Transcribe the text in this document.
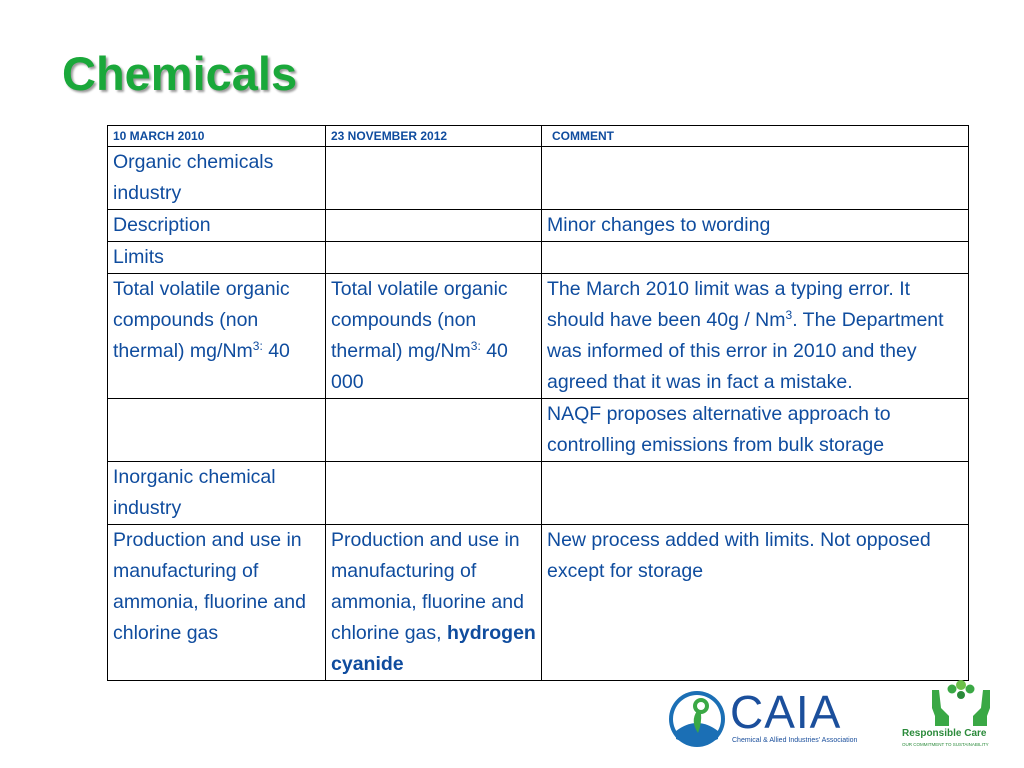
Chemicals
10 MARCH 2010	23 NOVEMBER 2012	COMMENT
Organic chemicals industry		
Description		Minor changes to wording
Limits		
Total volatile organic compounds (non thermal) $mg/Nm^{3:}$ 40	Total volatile organic compounds (non thermal) $mg/Nm^{3:}$ 40 000	The March 2010 limit was a typing error. It should have been 40g / Nm$^3$. The Department was informed of this error in 2010 and they agreed that it was in fact a mistake.
		NAQF proposes alternative approach to controlling emissions from bulk storage
Inorganic chemical industry		
Production and use in manufacturing of ammonia, fluorine and chlorine gas	Production and use in manufacturing of ammonia, fluorine and chlorine gas, hydrogen cyanide	New process added with limits. Not opposed except for storage
CAIA
Chemical & Allied Industries' Association
Responsible Care
OUR COMMITMENT TO SUSTAINABILITY
